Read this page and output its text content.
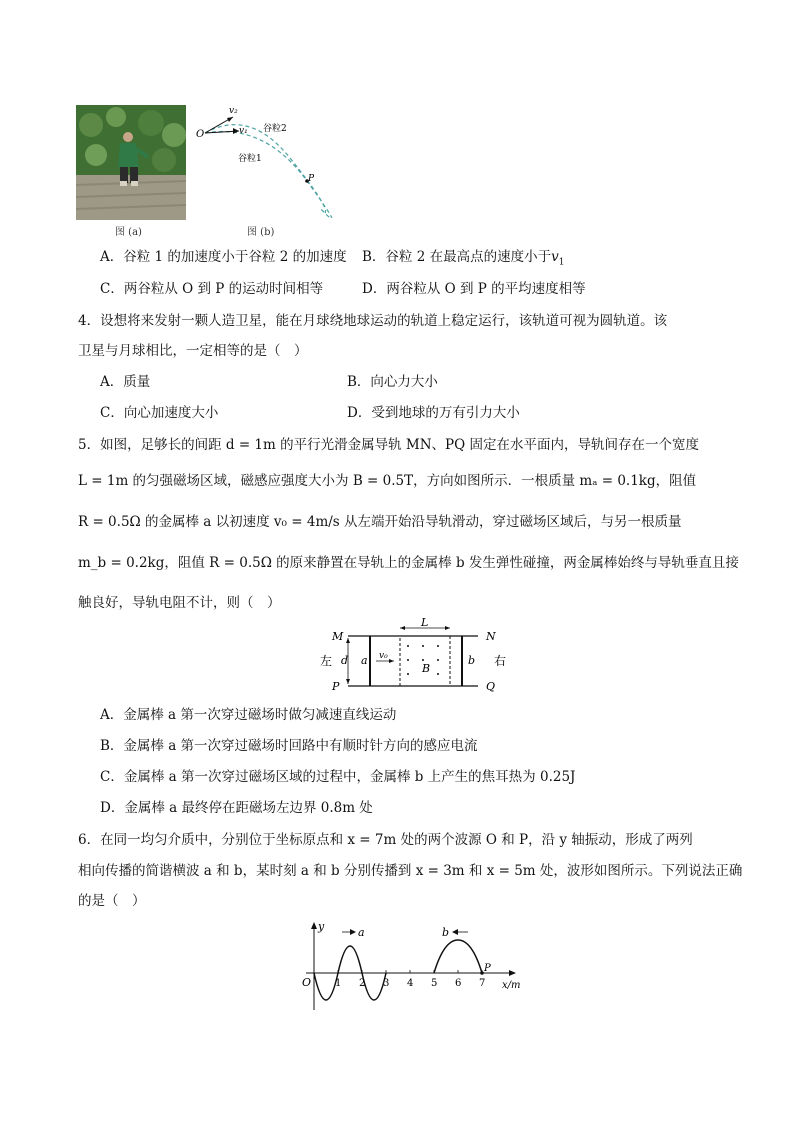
图 (a)
O
v₂
v₁ 谷粒2
谷粒1
P
图 (b)
A．谷粒 1 的加速度小于谷粒 2 的加速度 B．谷粒 2 在最高点的速度小于$v_1$
C．两谷粒从 O 到 P 的运动时间相等	D．两谷粒从 O 到 P 的平均速度相等
4．设想将来发射一颗人造卫星，能在月球绕地球运动的轨道上稳定运行，该轨道可视为圆轨道。该
卫星与月球相比，一定相等的是（　）
A．质量	B．向心力大小
C．向心加速度大小	D．受到地球的万有引力大小
5．如图，足够长的间距 d = 1m 的平行光滑金属导轨 MN、PQ 固定在水平面内，导轨间存在一个宽度
L = 1m 的匀强磁场区域，磁感应强度大小为 B = 0.5T，方向如图所示．一根质量 mₐ = 0.1kg，阻值
R = 0.5Ω 的金属棒 a 以初速度 v₀ = 4m/s 从左端开始沿导轨滑动，穿过磁场区域后，与另一根质量
m_b = 0.2kg，阻值 R = 0.5Ω 的原来静置在导轨上的金属棒 b 发生弹性碰撞，两金属棒始终与导轨垂直且接
触良好，导轨电阻不计，则（　）
M	N
P	Q
左	右
d a	b
L
B
v₀
A．金属棒 a 第一次穿过磁场时做匀减速直线运动
B．金属棒 a 第一次穿过磁场时回路中有顺时针方向的感应电流
C．金属棒 a 第一次穿过磁场区域的过程中，金属棒 b 上产生的焦耳热为 0.25J
D．金属棒 a 最终停在距磁场左边界 0.8m 处
6．在同一均匀介质中，分别位于坐标原点和 x = 7m 处的两个波源 O 和 P，沿 y 轴振动，形成了两列
相向传播的简谐横波 a 和 b，某时刻 a 和 b 分别传播到 x = 3m 和 x = 5m 处，波形如图所示。下列说法正确
的是（　）
y
x/m
O
P
a	b
1 2 3 4 5 6 7
